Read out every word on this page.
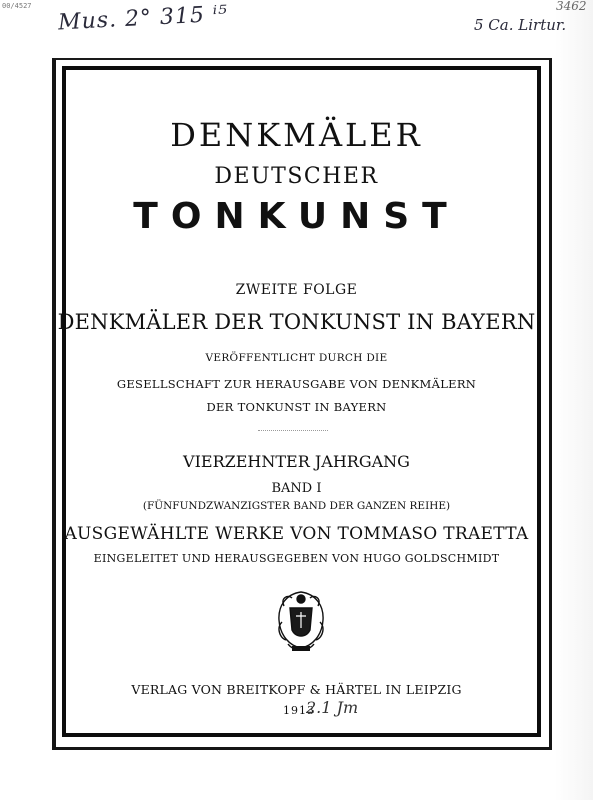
00/4527 Mus. 2° 315 ⁱ⁵	5 Ca. Lirtur.
3462
DENKMÄLER
DEUTSCHER
TONKUNST
ZWEITE FOLGE
DENKMÄLER DER TONKUNST IN BAYERN
VERÖFFENTLICHT DURCH DIE
GESELLSCHAFT ZUR HERAUSGABE VON DENKMÄLERN
DER TONKUNST IN BAYERN
VIERZEHNTER JAHRGANG
BAND I
(FÜNFUNDZWANZIGSTER BAND DER GANZEN REIHE)
AUSGEWÄHLTE WERKE VON TOMMASO TRAETTA
EINGELEITET UND HERAUSGEGEBEN VON HUGO GOLDSCHMIDT
VERLAG VON BREITKOPF & HÄRTEL IN LEIPZIG
1913
2.1 Jm
